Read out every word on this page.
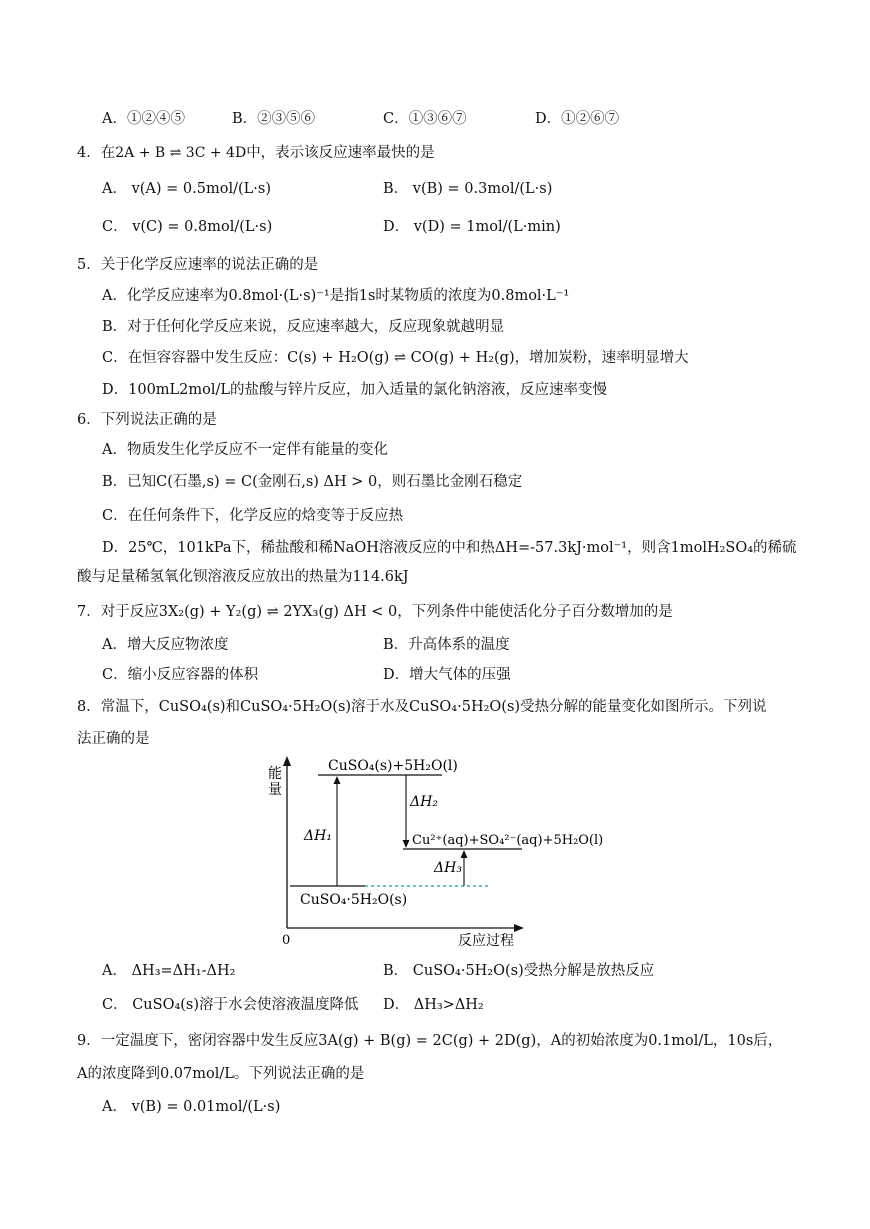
A．①②④⑤	B．②③⑤⑥	C．①③⑥⑦	D．①②⑥⑦
4．在2A + B ⇌ 3C + 4D中，表示该反应速率最快的是
A． v(A) = 0.5mol/(L·s)	B． v(B) = 0.3mol/(L·s)
C． v(C) = 0.8mol/(L·s)	D． v(D) = 1mol/(L·min)
5．关于化学反应速率的说法正确的是
A．化学反应速率为0.8mol·(L·s)⁻¹是指1s时某物质的浓度为0.8mol·L⁻¹
B．对于任何化学反应来说，反应速率越大，反应现象就越明显
C．在恒容容器中发生反应：C(s) + H₂O(g) ⇌ CO(g) + H₂(g)，增加炭粉，速率明显增大
D．100mL2mol/L的盐酸与锌片反应，加入适量的氯化钠溶液，反应速率变慢
6．下列说法正确的是
A．物质发生化学反应不一定伴有能量的变化
B．已知C(石墨,s) = C(金刚石,s) ΔH > 0，则石墨比金刚石稳定
C．在任何条件下，化学反应的焓变等于反应热
D．25℃，101kPa下，稀盐酸和稀NaOH溶液反应的中和热ΔH=-57.3kJ·mol⁻¹，则含1molH₂SO₄的稀硫
酸与足量稀氢氧化钡溶液反应放出的热量为114.6kJ
7．对于反应3X₂(g) + Y₂(g) ⇌ 2YX₃(g) ΔH < 0，下列条件中能使活化分子百分数增加的是
A．增大反应物浓度	B．升高体系的温度
C．缩小反应容器的体积	D．增大气体的压强
8．常温下，CuSO₄(s)和CuSO₄·5H₂O(s)溶于水及CuSO₄·5H₂O(s)受热分解的能量变化如图所示。下列说
法正确的是
能
量
0	反应过程
CuSO₄(s)+5H₂O(l)
Cu²⁺(aq)+SO₄²⁻(aq)+5H₂O(l)
CuSO₄·5H₂O(s)
ΔH₁
ΔH₂
ΔH₃
A． ΔH₃=ΔH₁-ΔH₂	B． CuSO₄·5H₂O(s)受热分解是放热反应
C． CuSO₄(s)溶于水会使溶液温度降低 D． ΔH₃>ΔH₂
9．一定温度下，密闭容器中发生反应3A(g) + B(g) = 2C(g) + 2D(g)，A的初始浓度为0.1mol/L，10s后，
A的浓度降到0.07mol/L。下列说法正确的是
A． v(B) = 0.01mol/(L·s)
